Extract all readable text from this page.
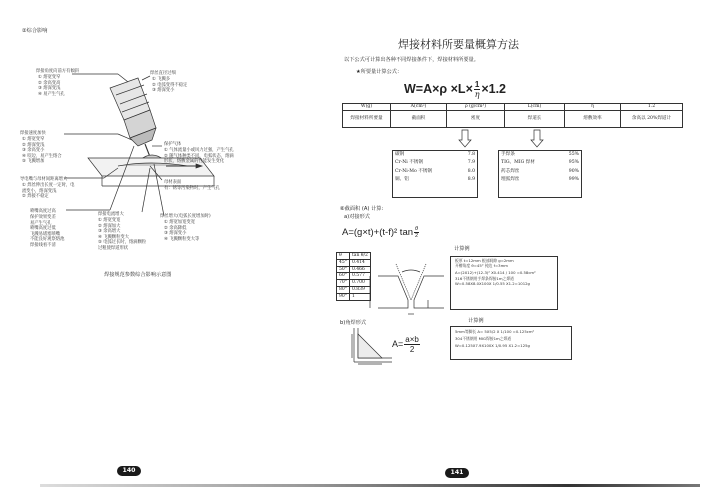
②综合影响
焊接角度向前方有倾斜
① 熔宽变窄
② 余高变高
③ 熔深变浅
④ 易产生气孔
焊接速度加快
① 熔宽变窄
② 熔深变浅
③ 余高变小
④ 咬边、易产生熔合
⑤ 飞溅增加
导电嘴与母材间距离增大
① 焊丝伸出长度一定时，电
流变小，熔深变浅
② 焊接不稳定
喷嘴高度过高
保护效果变差
易产生气孔
喷嘴高度过低
飞溅易堵塞喷嘴
不能良好观察熔池
焊接线看不清
焊丝直径过细
① 飞溅多
② 电弧变得不稳定
③ 熔深变小
保护气体
① 气体流量小或风力过强，产生气孔
② 随气体种类不同，电弧状态、熔滴
形状、熔敷金属的性能发生变化
母材表面
有：锈等污染物时，产生气孔
焊接电流增大
① 熔宽变宽
② 熔深加大
③ 余高增大
④ 飞溅颗粒变大
⑤ 电弧过长时，熔滴颗粒
过粗使焊道形状
焊丝增大(电弧长度增加时)
① 熔宽加宽变宽
② 余高降低
③ 熔深变小
④ 飞溅颗粒变大等
焊接规范参数综合影响示意图
140
焊接材料所要量概算方法
以下公式可计算出各种不同焊接条件下，焊接材料所要量。
★所要量计算公式：
$W=A\times\rho \times L\times \frac{1}{\eta} \times 1.2$
W(g)	A(cm²)	ρ (g/cm³)	L(cm)	η	1.2
焊接材料所要量	截面积	密度	焊道长	熔敷效率	余高以 20%焊道计
碳钢	7.8
Cr-Ni 不锈钢	7.9
Cr-Ni-Mo 不锈钢	8.0
铜、铝	8.9
手焊条	55%
TIG、MIG 焊材	95%
药芯焊丝	90%
埋弧焊丝	99%
⑥截面积 (A) 计算:
a)对接形式
A=(g×t)+(t-f)² $\tan \frac{\theta}{2}$
计算例
θ	tan θ/2
45°	0.414
50°	0.466
60°	0.577
70°	0.700
80°	0.839
90°	1
板厚 t=12mm 根部间隙 g=2mm
开槽角度 θ=45° 钝边 f=3mm
A=(2X12)+(12-3)² X0.414 / 100 =0.58cm²
316不锈钢用手焊条焊接1m之焊道
W=0.58X8.0X100X 1/0.55 X1.2=1012g
b)角焊形式
$A= \frac{a\times b}{2}$
计算例
5mm等脚长 A= 5X5/2 X 1/100 =0.125cm²
304不锈钢用 MIG焊接1m之焊道
W=0.125X7.9X100X 1/0.95 X1.2=125g
141
